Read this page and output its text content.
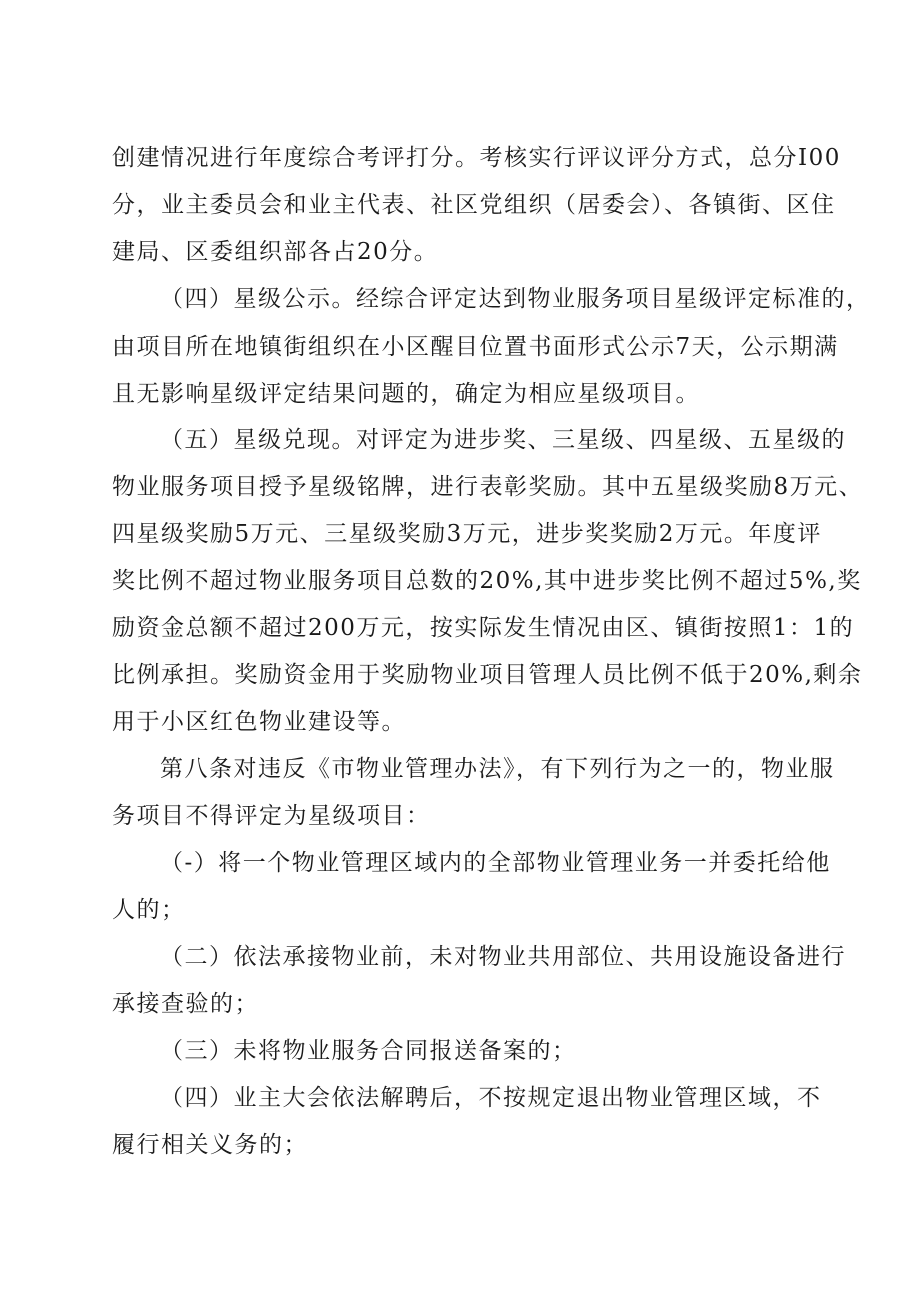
创建情况进行年度综合考评打分。考核实行评议评分方式，总分I00
分，业主委员会和业主代表、社区党组织（居委会）、各镇街、区住
建局、区委组织部各占20分。
（四）星级公示。经综合评定达到物业服务项目星级评定标准的，
由项目所在地镇街组织在小区醒目位置书面形式公示7天，公示期满
且无影响星级评定结果问题的，确定为相应星级项目。
（五）星级兑现。对评定为进步奖、三星级、四星级、五星级的
物业服务项目授予星级铭牌，进行表彰奖励。其中五星级奖励8万元、
四星级奖励5万元、三星级奖励3万元，进步奖奖励2万元。年度评
奖比例不超过物业服务项目总数的20%,其中进步奖比例不超过5%,奖
励资金总额不超过200万元，按实际发生情况由区、镇街按照1：1的
比例承担。奖励资金用于奖励物业项目管理人员比例不低于20%,剩余
用于小区红色物业建设等。
第八条对违反《市物业管理办法》，有下列行为之一的，物业服
务项目不得评定为星级项目：
（-）将一个物业管理区域内的全部物业管理业务一并委托给他
人的；
（二）依法承接物业前，未对物业共用部位、共用设施设备进行
承接查验的；
（三）未将物业服务合同报送备案的；
（四）业主大会依法解聘后，不按规定退出物业管理区域，不
履行相关义务的；
